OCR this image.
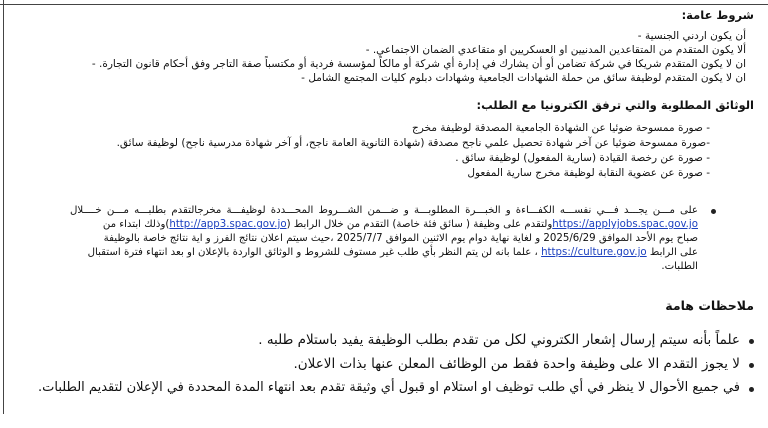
شروط عامة:
أن يكون اردني الجنسية -
ألا يكون المتقدم من المتقاعدين المدنيين او العسكريين او متقاعدي الضمان الاجتماعي. -
ان لا يكون المتقدم شريكا في شركة تضامن أو أن يشارك في إدارة أي شركة أو مالكاً لمؤسسة فردية أو مكتسباً صفة التاجر وفق أحكام قانون التجارة. -
ان لا يكون المتقدم لوظيفة سائق من حملة الشهادات الجامعية وشهادات دبلوم كليات المجتمع الشامل -
الوثائق المطلوبة والتي ترفق الكترونيا مع الطلب:
- صورة ممسوحة ضوئيا عن الشهادة الجامعية المصدقة لوظيفة مخرج
-صورة ممسوحة ضوئيا عن آخر شهادة تحصيل علمي ناجح مصدقة (شهادة الثانوية العامة ناجح، أو آخر شهادة مدرسية ناجح) لوظيفة سائق.
- صورة عن رخصة القيادة (سارية المفعول) لوظيفة سائق .
- صورة عن عضوية النقابة لوظيفة مخرج سارية المفعول
على مـــن يجـــد فـــي نفســـه الكفـــاءة و الخبـــرة المطلوبـــة و ضـــمن الشـــروط المحـــددة لوظيفـــة مخرجالتقدم بطلبـــه مـــن خــــلال
https://applyjobs.spac.gov.joولتقدم على وظيفة ( سائق فئة خاصة) التقدم من خلال الرابط (http://app3.spac.gov.jo)وذلك ابتداء من
صباح يوم الأحد الموافق 2025/6/29 و لغاية نهاية دوام يوم الاثنين الموافق 2025/7/7 ،حيث سيتم اعلان نتائج الفرز و اية نتائج خاصة بالوظيفة
على الرابط https://culture.gov.jo ، علما بانه لن يتم النظر بأي طلب غير مستوف للشروط و الوثائق الواردة بالإعلان او بعد انتهاء فترة استقبال
الطلبات.
ملاحظات هامة
علماً بأنه سيتم إرسال إشعار الكتروني لكل من تقدم بطلب الوظيفة يفيد باستلام طلبه .
لا يجوز التقدم الا على وظيفة واحدة فقط من الوظائف المعلن عنها بذات الاعلان.
في جميع الأحوال لا ينظر في أي طلب توظيف او استلام او قبول أي وثيقة تقدم بعد انتهاء المدة المحددة في الإعلان لتقديم الطلبات.
